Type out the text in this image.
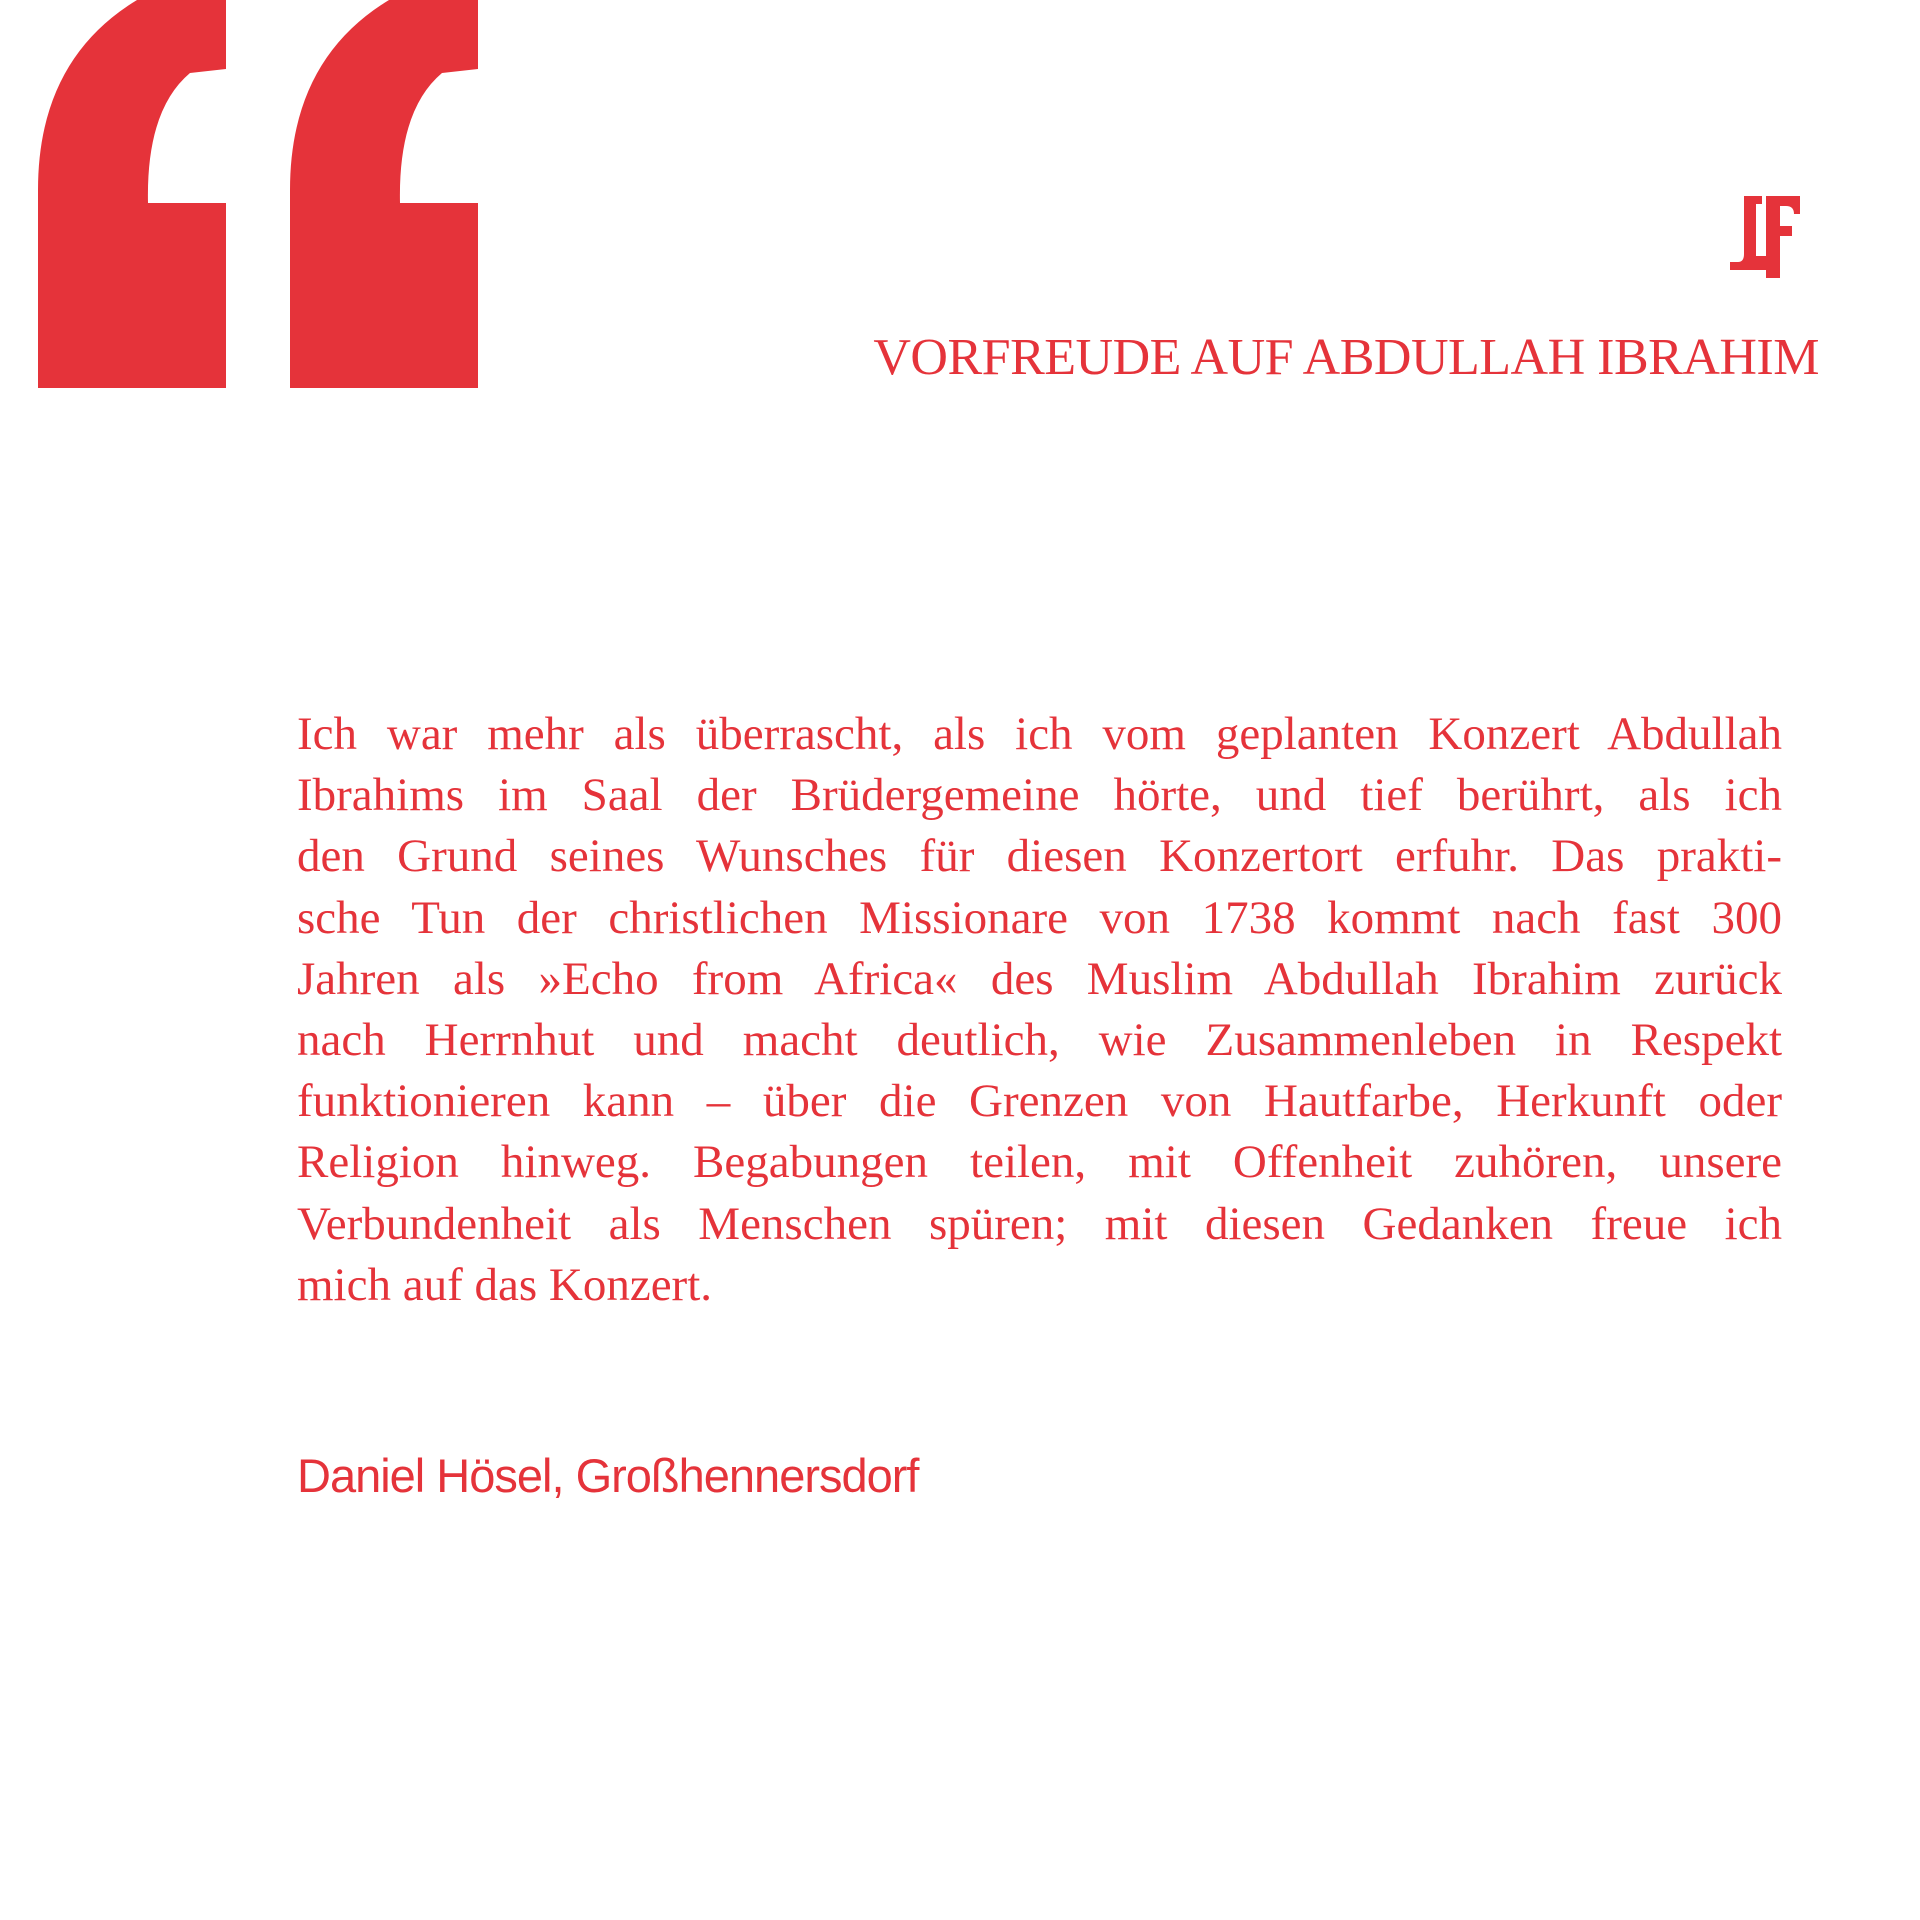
VORFREUDE AUF ABDULLAH IBRAHIM

Ich war mehr als überrascht, als ich vom geplanten Konzert Abdullah
Ibrahims im Saal der Brüdergemeine hörte, und tief berührt, als ich
den Grund seines Wunsches für diesen Konzertort erfuhr. Das prakti-
sche Tun der christlichen Missionare von 1738 kommt nach fast 300
Jahren als »Echo from Africa« des Muslim Abdullah Ibrahim zurück
nach Herrnhut und macht deutlich, wie Zusammenleben in Respekt
funktionieren kann – über die Grenzen von Hautfarbe, Herkunft oder
Religion hinweg. Begabungen teilen, mit Offenheit zuhören, unsere
Verbundenheit als Menschen spüren; mit diesen Gedanken freue ich
mich auf das Konzert.

Daniel Hösel, Großhennersdorf
